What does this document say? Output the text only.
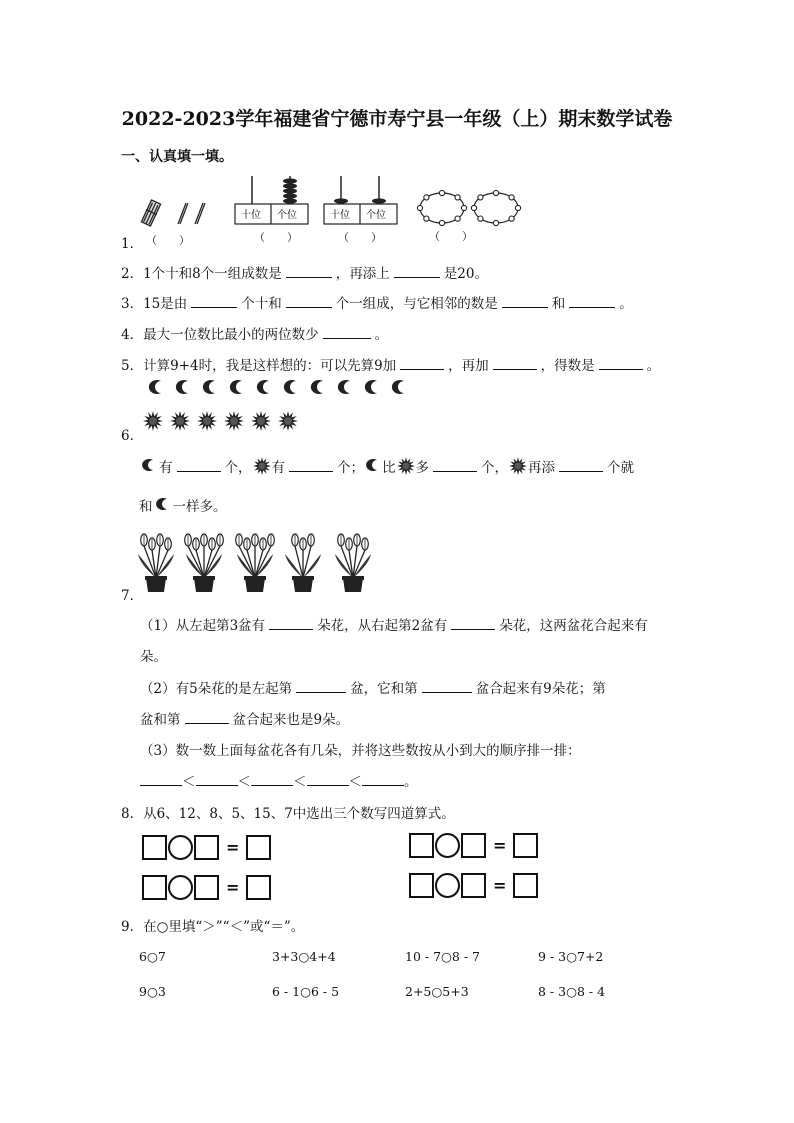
2022-2023学年福建省宁德市寿宁县一年级（上）期末数学试卷
一、认真填一填。
1． （　　）
十位 个位
（　　）
十位 个位
（　　）	（　　）
2．1个十和8个一组成数是	，再添上	是20。
3．15是由	个十和	个一组成，与它相邻的数是	和	。
4．最大一位数比最小的两位数少	。
5．计算9+4时，我是这样想的：可以先算9加	，再加	，得数是	。
6．
有	个， 有	个； 比 多	个， 再添	个就
和 一样多。
7．
（1）从左起第3盆有	朵花，从右起第2盆有	朵花，这两盆花合起来有
朵。
（2）有5朵花的是左起第	盆，它和第	盆合起来有9朵花；第
盆和第	盆合起来也是9朵。
（3）数一数上面每盆花各有几朵，并将这些数按从小到大的顺序排一排：
＜	＜	＜	＜	。
8．从6、12、8、5、15、7中选出三个数写四道算式。
=	=
=	=
9．在○里填“＞”“＜”或“＝”。
6○7	3+3○4+4	10 - 7○8 - 7	9 - 3○7+2
9○3	6 - 1○6 - 5	2+5○5+3	8 - 3○8 - 4
